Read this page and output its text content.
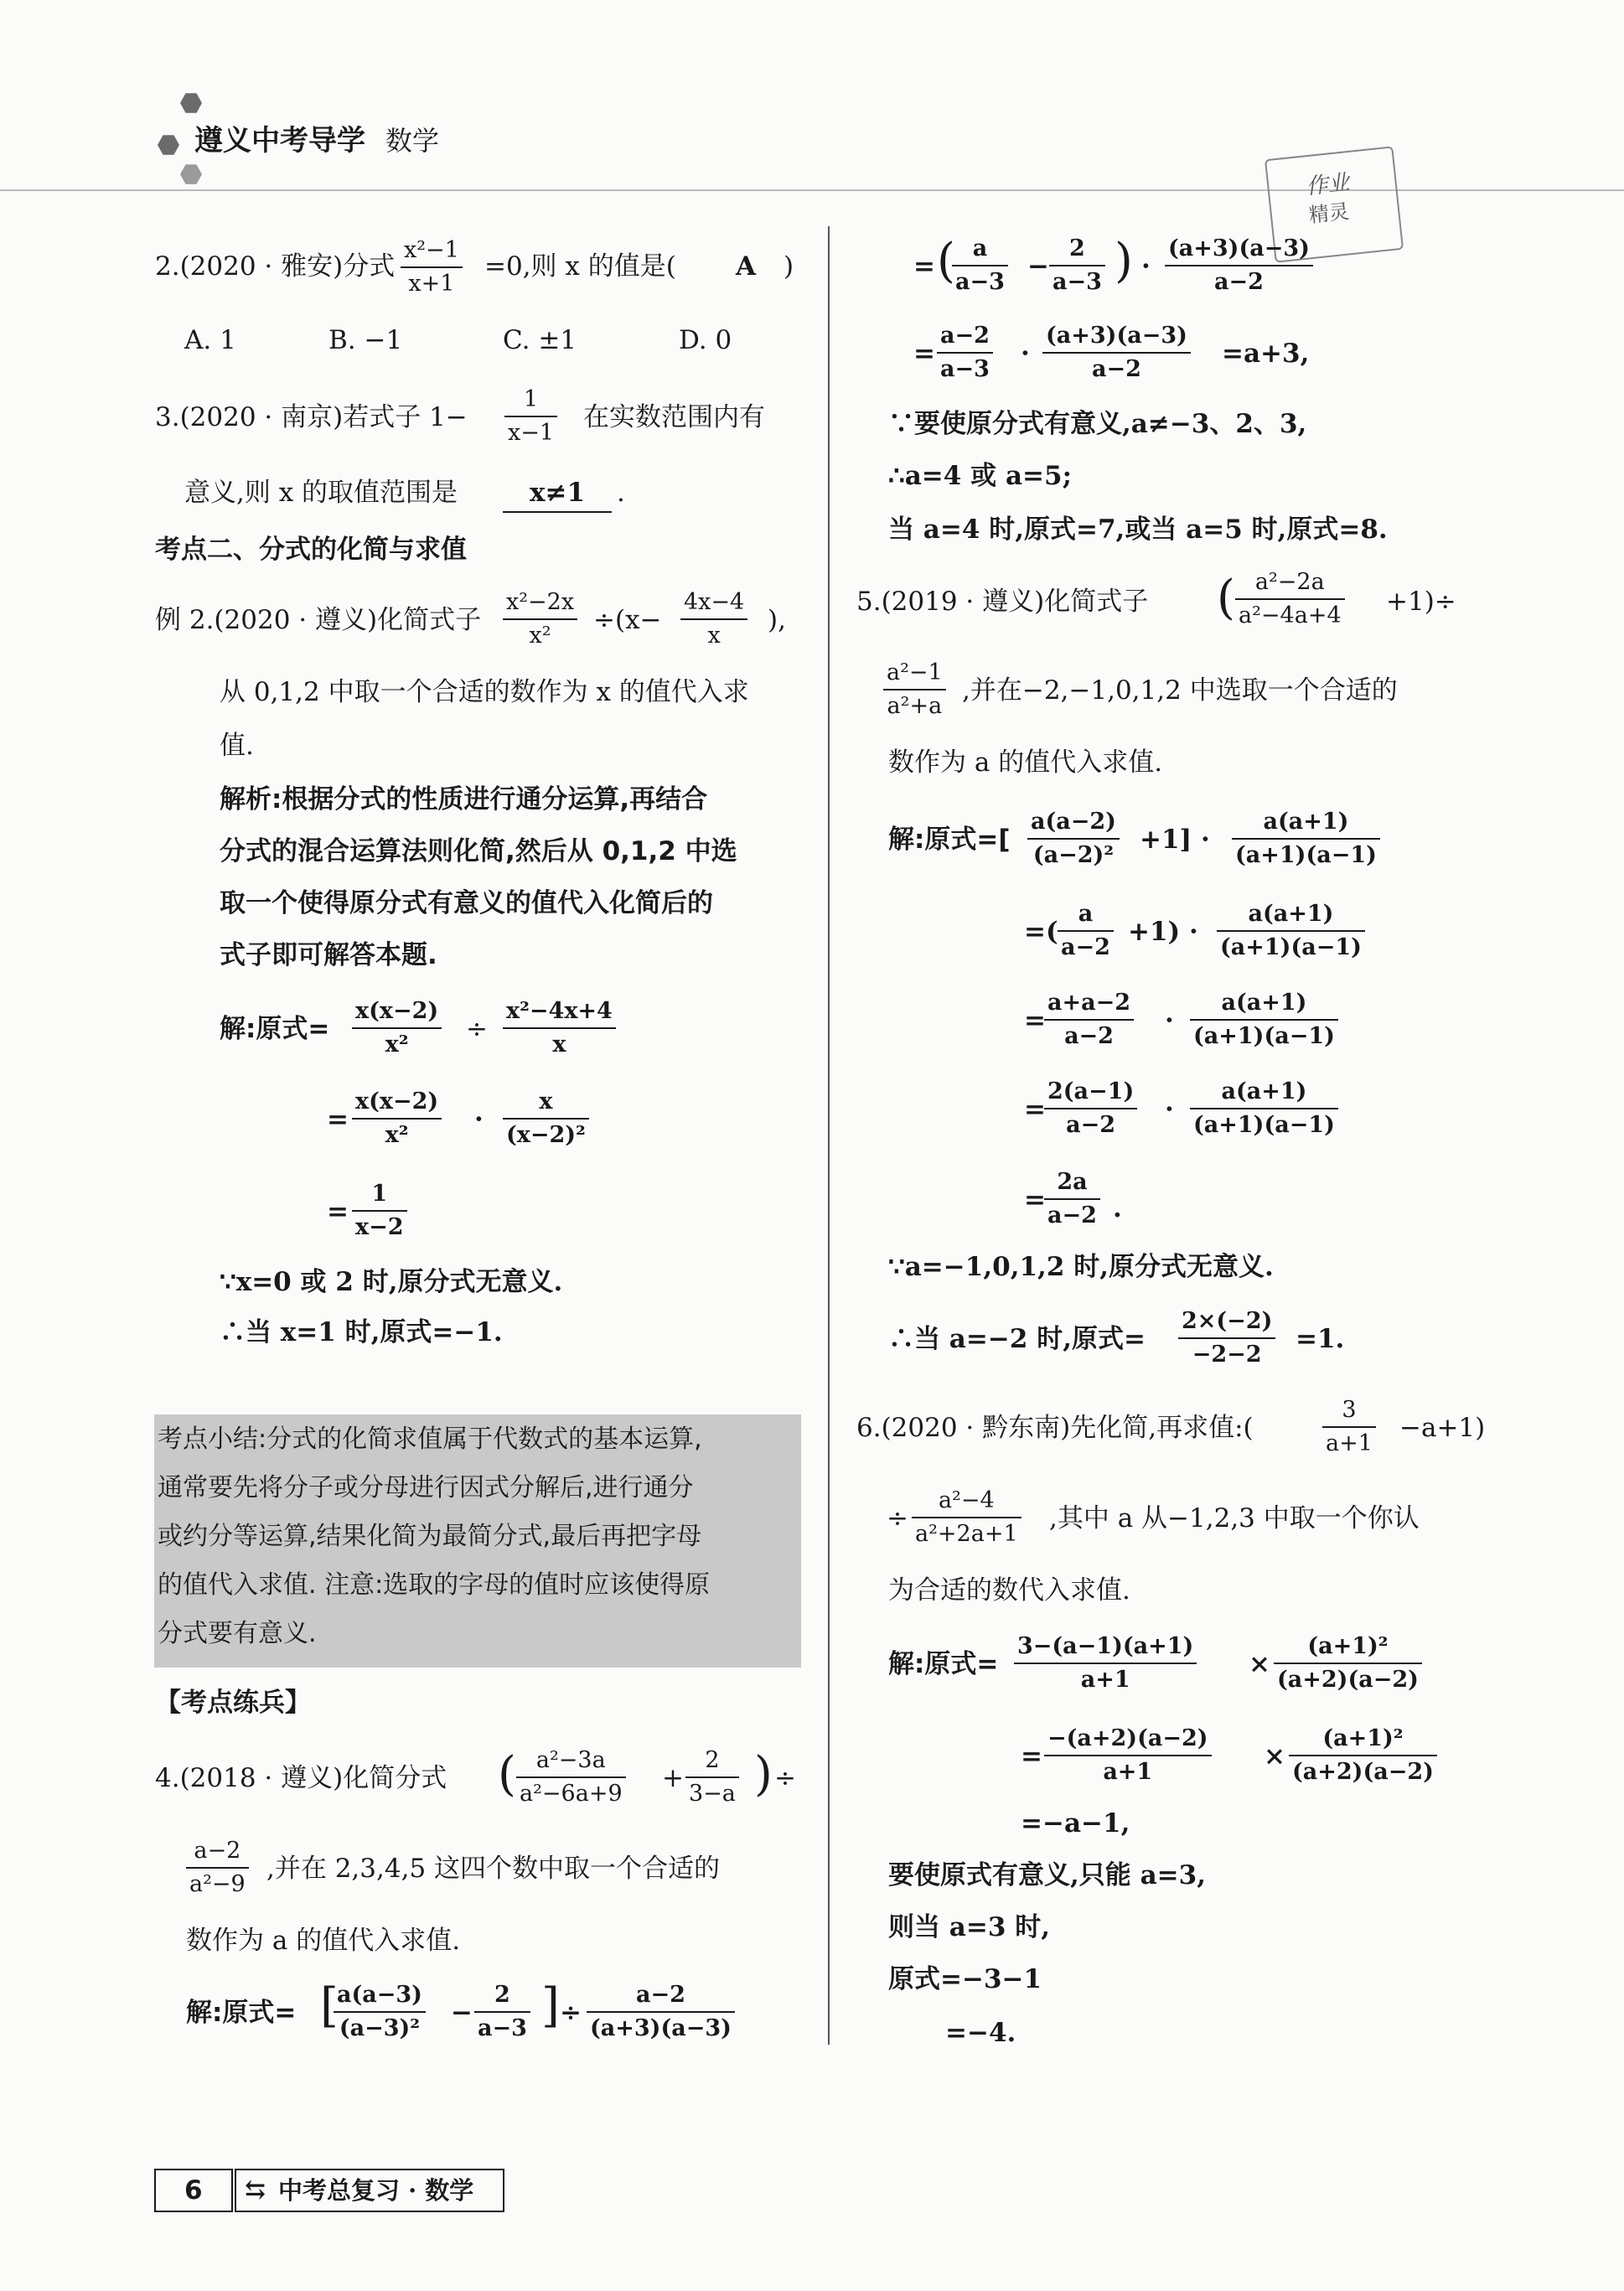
遵义中考导学 数学
作业
精灵
2.(2020 · 雅安)分式 $\frac{\text{x²−1}}{x+1} =0$,则 x 的值是( A )
A. 1	B. −1	C. ±1	D. 0
3.(2020 · 南京)若式子 $1- \frac{1}{x-1}$ 在实数范围内有
意义,则 x 的取值范围是	x≠1	.
考点二、分式的化简与求值
例 2.(2020 · 遵义)化简式子 $\frac{\text{x²−2x}}{\text{x²}} \div(x- \frac{4x-4}{x}$ ),
从 0,1,2 中取一个合适的数作为 x 的值代入求
值.
解析:根据分式的性质进行通分运算,再结合
分式的混合运算法则化简,然后从 0,1,2 中选
取一个使得原分式有意义的值代入化简后的
式子即可解答本题.
解:原式= $\frac{x(x-2)}{\text{x²}} \div \frac{\text{x²−4x+4}}{x}$
= $\frac{x(x-2)}{\text{x²}} \cdot \frac{x}{\text{(x−2)²}}$
= $\frac{1}{x-2}$
∵x=0 或 2 时,原分式无意义.
∴当 x=1 时,原式=−1.
考点小结:分式的化简求值属于代数式的基本运算,
通常要先将分子或分母进行因式分解后,进行通分
或约分等运算,结果化简为最简分式,最后再把字母
的值代入求值. 注意:选取的字母的值时应该使得原
分式要有意义.
【考点练兵】
4.(2018 · 遵义)化简分式 ( $\frac{\text{a²−3a}}{\text{a²−6a+9}} + \frac{2}{3-a}$ ) ÷
$\frac{a-2}{\text{a²−9}}$ ,并在 2,3,4,5 这四个数中取一个合适的
数作为 a 的值代入求值.
解:原式= [
$\frac{a(a-3)}{\text{(a−3)²}} - \frac{2}{a-3}$ ] ÷ $\frac{a-2}{(a+3)(a-3)}$
= (
$\frac{a}{a-3} - \frac{2}{a-3}$ ) · $\frac{(a+3)(a-3)}{a-2}$
= $\frac{a-2}{a-3} \cdot \frac{(a+3)(a-3)}{a-2} =a+3$,
∵要使原分式有意义,a≠−3、2、3,
∴a=4 或 a=5;
当 a=4 时,原式=7,或当 a=5 时,原式=8.
5.(2019 · 遵义)化简式子 ( $\frac{\text{a²−2a}}{\text{a²−4a+4}} +1)\div$
$\frac{\text{a²−1}}{\text{a²+a}}$ ,并在−2,−1,0,1,2 中选取一个合适的
数作为 a 的值代入求值.
解:原式=[ $\frac{a(a-2)}{\text{(a−2)²}} +1] \cdot \frac{a(a+1)}{(a+1)(a-1)}$
=( $\frac{a}{a-2} +1) \cdot \frac{a(a+1)}{(a+1)(a-1)}$
=
$\frac{a+a-2}{a-2} \cdot \frac{a(a+1)}{(a+1)(a-1)}$
=
$\frac{2(a-1)}{a-2} \cdot \frac{a(a+1)}{(a+1)(a-1)}$
=
$\frac{2a}{a-2}$ .
∵a=−1,0,1,2 时,原分式无意义.
∴当 a=−2 时,原式= $\frac{2\times(-2)}{-2-2} =1$.
6.(2020 · 黔东南)先化简,再求值:(	$\frac{3}{a+1} -a+1$)
÷ $\frac{\text{a²−4}}{\text{a²+2a+1}}$ ,其中 a 从−1,2,3 中取一个你认
为合适的数代入求值.
解:原式= $\frac{3-(a-1)(a+1)}{a+1} \times \frac{\text{(a+1)²}}{(a+2)(a-2)}$
= $\frac{-(a+2)(a-2)}{a+1} \times \frac{\text{(a+1)²}}{(a+2)(a-2)}$
=−a−1,
要使原式有意义,只能 a=3,
则当 a=3 时,
原式=−3−1
=−4.
6 ⇆ 中考总复习 · 数学
